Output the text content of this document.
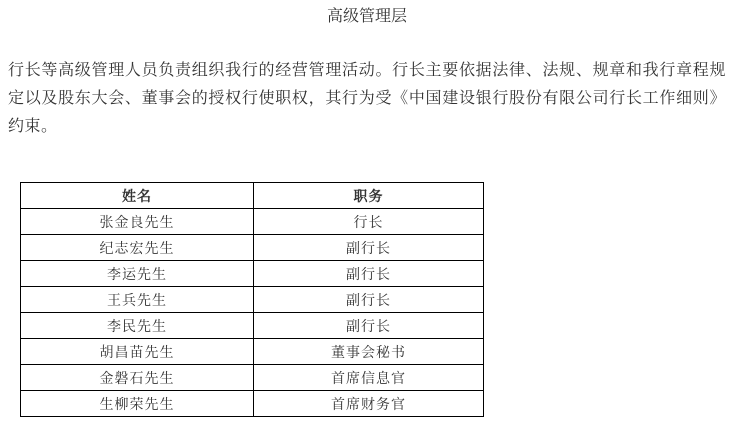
高级管理层

行长等高级管理人员负责组织我行的经营管理活动。行长主要依据法律、法规、规章和我行章程规定以及股东大会、董事会的授权行使职权，其行为受《中国建设银行股份有限公司行长工作细则》约束。

姓名	职务
张金良先生	行长
纪志宏先生	副行长
李运先生	副行长
王兵先生	副行长
李民先生	副行长
胡昌苗先生	董事会秘书
金磐石先生	首席信息官
生柳荣先生	首席财务官
